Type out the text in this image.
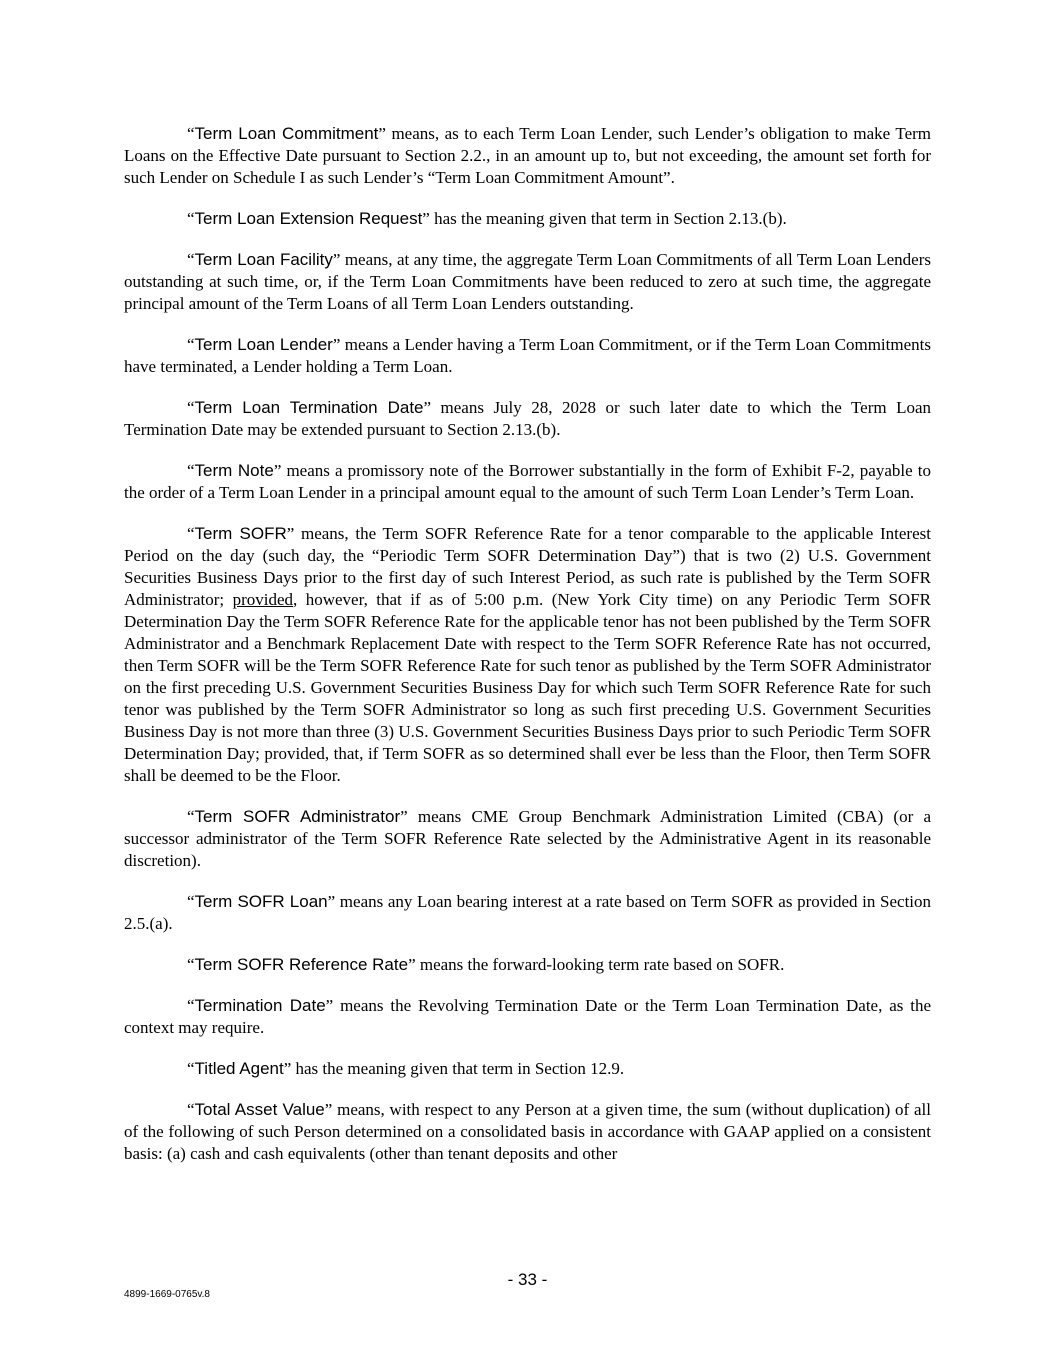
“Term Loan Commitment” means, as to each Term Loan Lender, such Lender’s obligation to make Term Loans on the Effective Date pursuant to Section 2.2., in an amount up to, but not exceeding, the amount set forth for such Lender on Schedule I as such Lender’s “Term Loan Commitment Amount”.

“Term Loan Extension Request” has the meaning given that term in Section 2.13.(b).

“Term Loan Facility” means, at any time, the aggregate Term Loan Commitments of all Term Loan Lenders outstanding at such time, or, if the Term Loan Commitments have been reduced to zero at such time, the aggregate principal amount of the Term Loans of all Term Loan Lenders outstanding.

“Term Loan Lender” means a Lender having a Term Loan Commitment, or if the Term Loan Commitments have terminated, a Lender holding a Term Loan.

“Term Loan Termination Date” means July 28, 2028 or such later date to which the Term Loan Termination Date may be extended pursuant to Section 2.13.(b).

“Term Note” means a promissory note of the Borrower substantially in the form of Exhibit F-2, payable to the order of a Term Loan Lender in a principal amount equal to the amount of such Term Loan Lender’s Term Loan.

“Term SOFR” means, the Term SOFR Reference Rate for a tenor comparable to the applicable Interest Period on the day (such day, the “Periodic Term SOFR Determination Day”) that is two (2) U.S. Government Securities Business Days prior to the first day of such Interest Period, as such rate is published by the Term SOFR Administrator; provided, however, that if as of 5:00 p.m. (New York City time) on any Periodic Term SOFR Determination Day the Term SOFR Reference Rate for the applicable tenor has not been published by the Term SOFR Administrator and a Benchmark Replacement Date with respect to the Term SOFR Reference Rate has not occurred, then Term SOFR will be the Term SOFR Reference Rate for such tenor as published by the Term SOFR Administrator on the first preceding U.S. Government Securities Business Day for which such Term SOFR Reference Rate for such tenor was published by the Term SOFR Administrator so long as such first preceding U.S. Government Securities Business Day is not more than three (3) U.S. Government Securities Business Days prior to such Periodic Term SOFR Determination Day; provided, that, if Term SOFR as so determined shall ever be less than the Floor, then Term SOFR shall be deemed to be the Floor.

“Term SOFR Administrator” means CME Group Benchmark Administration Limited (CBA) (or a successor administrator of the Term SOFR Reference Rate selected by the Administrative Agent in its reasonable discretion).

“Term SOFR Loan” means any Loan bearing interest at a rate based on Term SOFR as provided in Section 2.5.(a).

“Term SOFR Reference Rate” means the forward-looking term rate based on SOFR.

“Termination Date” means the Revolving Termination Date or the Term Loan Termination Date, as the context may require.

“Titled Agent” has the meaning given that term in Section 12.9.

“Total Asset Value” means, with respect to any Person at a given time, the sum (without duplication) of all of the following of such Person determined on a consolidated basis in accordance with GAAP applied on a consistent basis: (a) cash and cash equivalents (other than tenant deposits and other

- 33 -
4899-1669-0765v.8
